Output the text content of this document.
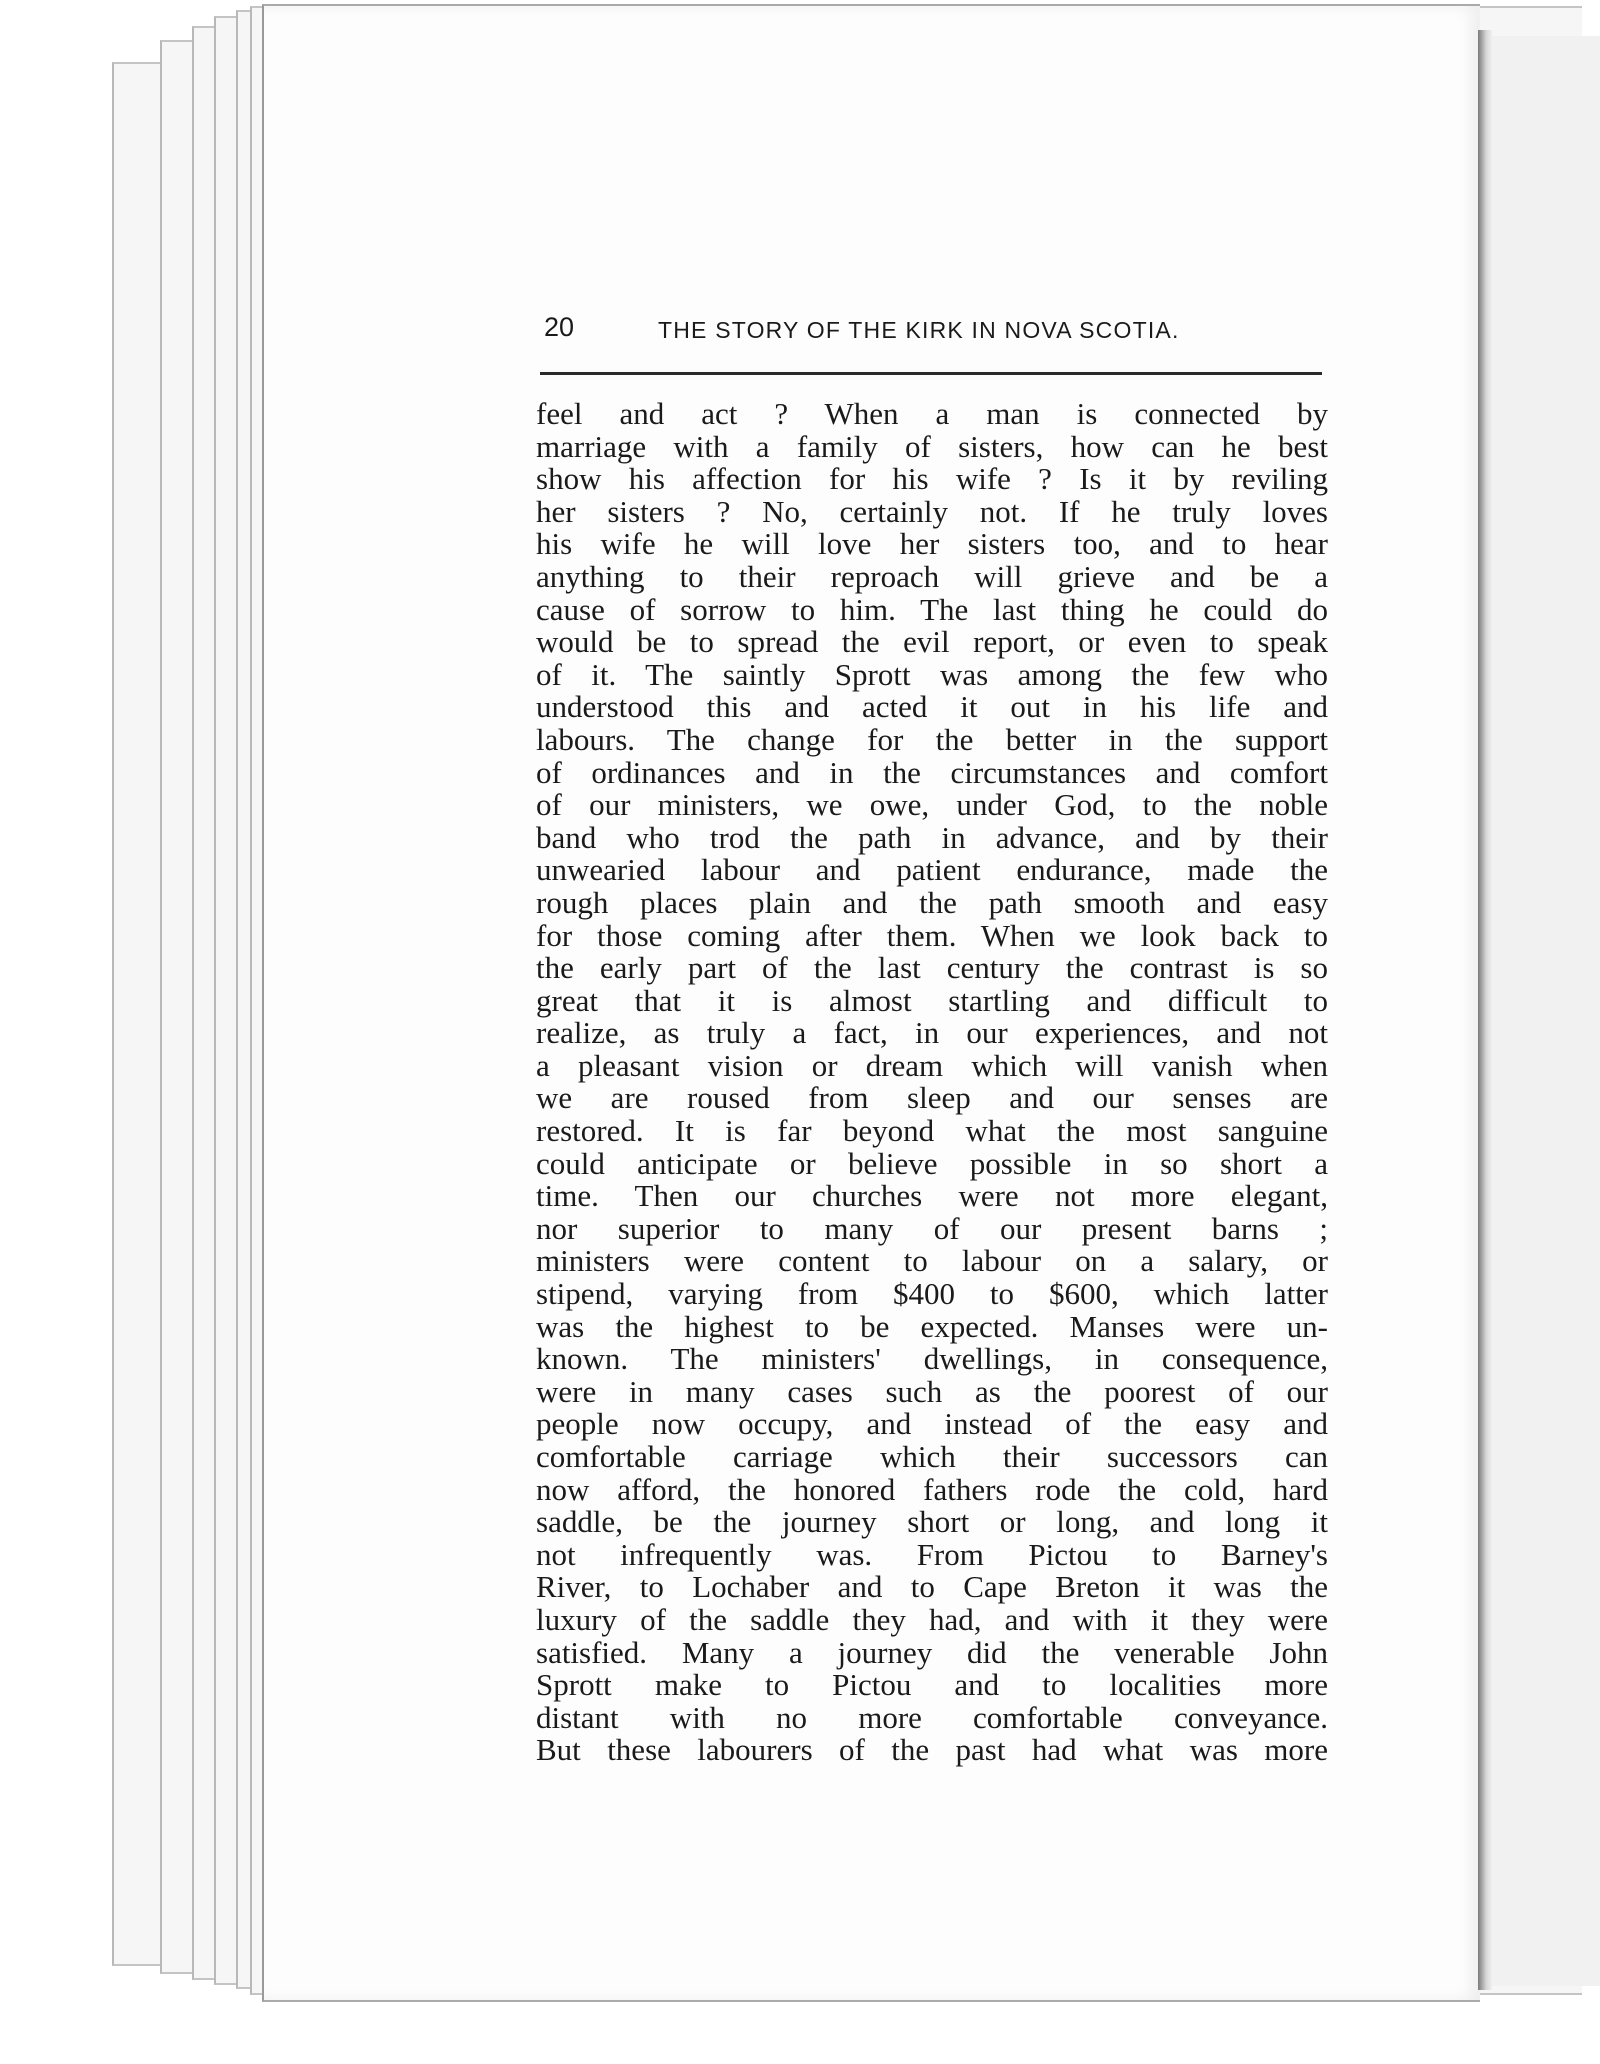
20	THE STORY OF THE KIRK IN NOVA SCOTIA.
feel and act ? When a man is connected by
marriage with a family of sisters, how can he best
show his affection for his wife ? Is it by reviling
her sisters ? No, certainly not. If he truly loves
his wife he will love her sisters too, and to hear
anything to their reproach will grieve and be a
cause of sorrow to him. The last thing he could do
would be to spread the evil report, or even to speak
of it. The saintly Sprott was among the few who
understood this and acted it out in his life and
labours. The change for the better in the support
of ordinances and in the circumstances and comfort
of our ministers, we owe, under God, to the noble
band who trod the path in advance, and by their
unwearied labour and patient endurance, made the
rough places plain and the path smooth and easy
for those coming after them. When we look back to
the early part of the last century the contrast is so
great that it is almost startling and difficult to
realize, as truly a fact, in our experiences, and not
a pleasant vision or dream which will vanish when
we are roused from sleep and our senses are
restored. It is far beyond what the most sanguine
could anticipate or believe possible in so short a
time. Then our churches were not more elegant,
nor superior to many of our present barns ;
ministers were content to labour on a salary, or
stipend, varying from $400 to $600, which latter
was the highest to be expected. Manses were un-
known. The ministers' dwellings, in consequence,
were in many cases such as the poorest of our
people now occupy, and instead of the easy and
comfortable carriage which their successors can
now afford, the honored fathers rode the cold, hard
saddle, be the journey short or long, and long it
not infrequently was. From Pictou to Barney's
River, to Lochaber and to Cape Breton it was the
luxury of the saddle they had, and with it they were
satisfied. Many a journey did the venerable John
Sprott make to Pictou and to localities more
distant with no more comfortable conveyance.
But these labourers of the past had what was more
